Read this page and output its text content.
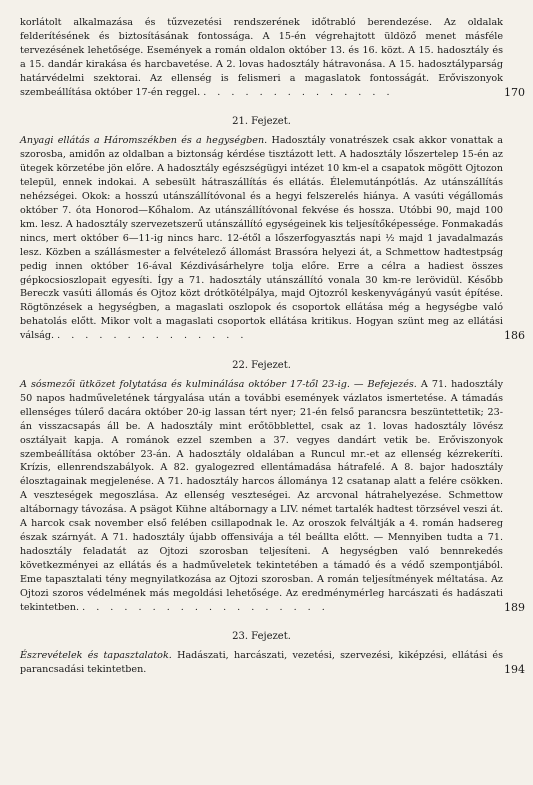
korlátolt alkalmazása és tűzvezetési rendszerének időtrabló berendezése. Az oldalak felderítésének és biztosításának fontossága. A 15-én végrehajtott üldöző menet másféle tervezésének lehetősége. Események a román oldalon október 13. és 16. közt. A 15. hadosztály és a 15. dandár kirakása és harcbavetése. A 2. lovas hadosztály hátravonása. A 15. hadosztályparság határvédelmi szektorai. Az ellenség is felismeri a magaslatok fontosságát. Erőviszonyok szembeállítása október 17-én reggel. . . . . . . . . . . . . . .	170
21. Fejezet.

Anyagi ellátás a Háromszékben és a hegységben. Hadosztály vonatrészek csak akkor vonattak a szorosba, amidőn az oldalban a biztonság kérdése tisztázott lett. A hadosztály lőszertelep 15-én az ütegek körzetébe jön előre. A hadosztály egészségügyi intézet 10 km-el a csapatok mögött Ojtozon települ, ennek indokai. A sebesült hátraszállítás és ellátás. Élelemutánpótlás. Az utánszállítás nehézségei. Okok: a hosszú utánszállítóvonal és a hegyi felszerelés hiánya. A vasúti végállomás október 7. óta Honorod—Kőhalom. Az utánszállítóvonal fekvése és hossza. Utóbbi 90, majd 100 km. lesz. A hadosztály szervezetszerű utánszállító egységeinek kis teljesítőképessége. Fonmakadás nincs, mert október 6—11-ig nincs harc. 12-étől a lőszerfogyasztás napi ½ majd 1 javadalmazás lesz. Közben a szállásmester a felvételező állomást Brassóra helyezi át, a Schmettow hadtestpság pedig innen október 16-ával Kézdivásárhelyre tolja előre. Erre a célra a hadiest összes gépkocsioszlopait egyesíti. Így a 71. hadosztály utánszállító vonala 30 km-re lerövidül. Később Bereczk vasúti állomás és Ojtoz közt drótkötélpálya, majd Ojtozról keskenyvágányú vasút építése. Rögtönzések a hegységben, a magaslati oszlopok és csoportok ellátása még a hegységbe való behatolás előtt. Mikor volt a magaslati csoportok ellátása kritikus. Hogyan szünt meg az ellátási válság. . . . . . . . . . . . . . .	186
22. Fejezet.

A sósmezői ütközet folytatása és kulminálása október 17-től 23-ig. — Befejezés. A 71. hadosztály 50 napos hadműveletének tárgyalása után a további események vázlatos ismertetése. A támadás ellenséges túlerő dacára október 20-ig lassan tért nyer; 21-én felső parancsra beszüntettetik; 23-án visszacsapás áll be. A hadosztály mint erőtöbblettel, csak az 1. lovas hadosztály lövész osztályait kapja. A románok ezzel szemben a 37. vegyes dandárt vetik be. Erőviszonyok szembeállítása október 23-án. A hadosztály oldalában a Runcul mr.-et az ellenség kézrekeríti. Krízis, ellenrendszabályok. A 82. gyalogezred ellentámadása hátrafelé. A 8. bajor hadosztály élosztagainak megjelenése. A 71. hadosztály harcos állománya 12 csatanap alatt a felére csökken. A veszteségek megoszlása. Az ellenség veszteségei. Az arcvonal hátrahelyezése. Schmettow altábornagy távozása. A psägot Kühne altábornagy a LIV. német tartalék hadtest törzsével veszi át. A harcok csak november első felében csillapodnak le. Az oroszok felváltják a 4. román hadsereg észak szárnyát. A 71. hadosztály újabb offensivája a tél beállta előtt. — Mennyiben tudta a 71. hadosztály feladatát az Ojtozi szorosban teljesíteni. A hegységben való bennrekedés következményei az ellátás és a hadműveletek tekintetében a támadó és a védő szempontjából. Eme tapasztalati tény megnyilatkozása az Ojtozi szorosban. A román teljesítmények méltatása. Az Ojtozi szoros védelmének más megoldási lehetősége. Az eredménymérleg harcászati és hadászati tekintetben. . . . . . . . . . . . . . . . . . .	189
23. Fejezet.

Észrevételek és tapasztalatok. Hadászati, harcászati, vezetési, szervezési, kiképzési, ellátási és parancsadási tekintetben.	194
